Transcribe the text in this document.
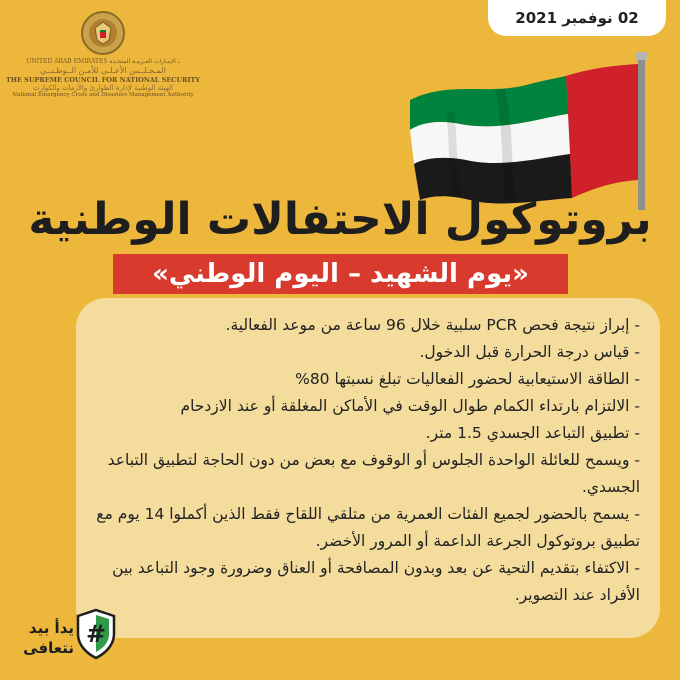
02 نوفمبر 2021
UNITED ARAB EMIRATES ـ الإمـارات العـربيـة المتحـدة
المـجـلــس الأعـلـى للأمـن الــوطـنــي
THE SUPREME COUNCIL FOR NATIONAL SECURITY
الهيئة الوطنية لإدارة الطوارئ والأزمات والكوارث
National Emergency Crisis and Disasters Management Authority
بروتوكول الاحتفالات الوطنية
«يوم الشهيد – اليوم الوطني»
- إبراز نتيجة فحص PCR سلبية خلال 96 ساعة من موعد الفعالية.
- قياس درجة الحرارة قبل الدخول.
- الطاقة الاستيعابية لحضور الفعاليات تبلغ نسبتها 80%
- الالتزام بارتداء الكمام طوال الوقت في الأماكن المغلقة أو عند الازدحام
- تطبيق التباعد الجسدي 1.5 متر.
- ويسمح للعائلة الواحدة الجلوس أو الوقوف مع بعض من دون الحاجة لتطبيق التباعد الجسدي.
- يسمح بالحضور لجميع الفئات العمرية من متلقي اللقاح فقط الذين أكملوا 14 يوم مع تطبيق بروتوكول الجرعة الداعمة أو المرور الأخضر.
- الاكتفاء بتقديم التحية عن بعد وبدون المصافحة أو العناق وضرورة وجود التباعد بين الأفراد عند التصوير.
#
يدأ بيد
نتعافى
